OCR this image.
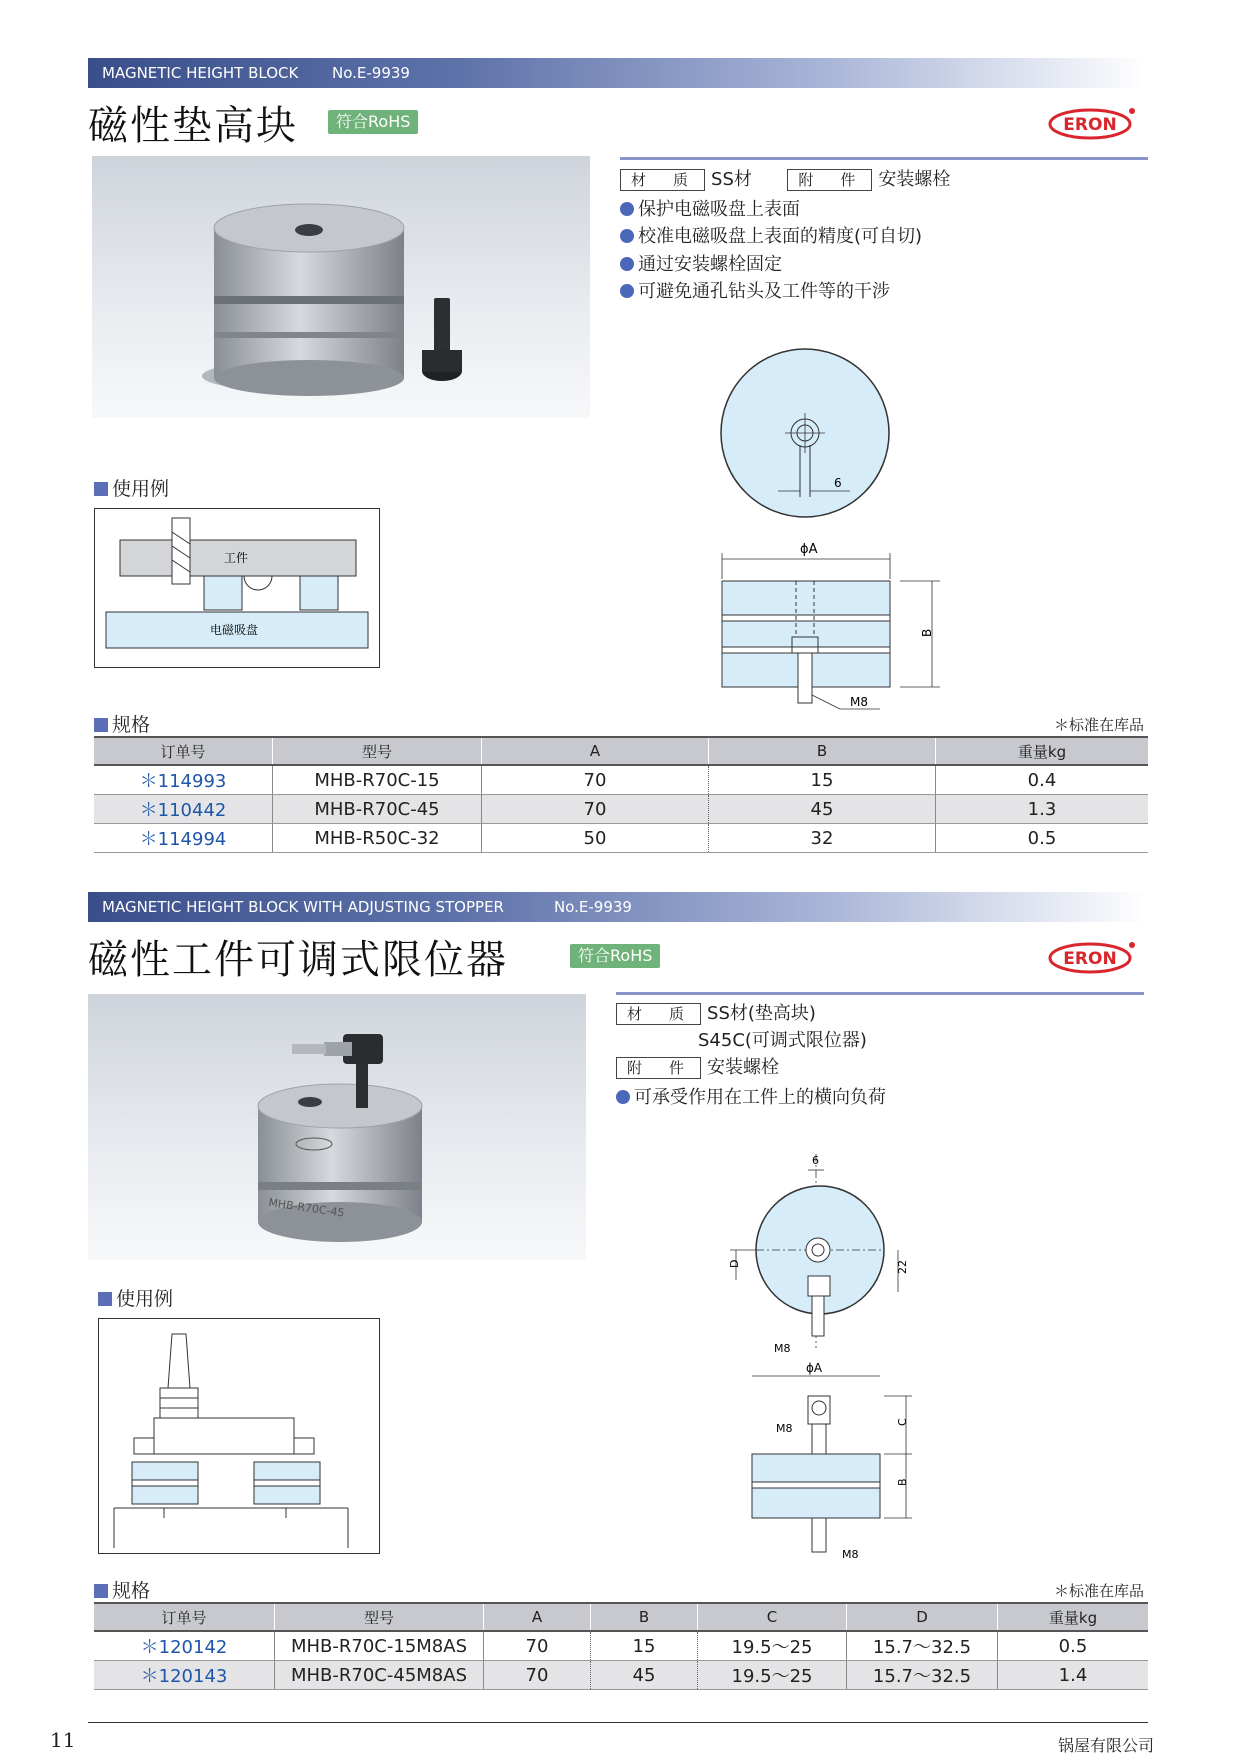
MAGNETIC HEIGHT BLOCK No.E-9939
磁性垫高块	符合RoHS	ERON
材　质 SS材	附　件 安装螺栓
保护电磁吸盘上表面
校准电磁吸盘上表面的精度(可自切)
通过安装螺栓固定
可避免通孔钻头及工件等的干涉
6
ϕA
B
M8
使用例
工件
电磁吸盘
规格	＊标准在库品
订单号	型号	A	B	重量kg
＊114993	MHB-R70C-15	70	15	0.4
＊110442	MHB-R70C-45	70	45	1.3
＊114994	MHB-R50C-32	50	32	0.5
MAGNETIC HEIGHT BLOCK WITH ADJUSTING STOPPER	No.E-9939
磁性工件可调式限位器	符合RoHS	ERON
MHB-R70C-45
材　质 SS材(垫高块)
S45C(可调式限位器)
附　件 安装螺栓
可承受作用在工件上的横向负荷
6
D	22
M8
ϕA
M8	C
B
M8
使用例
规格	＊标准在库品
订单号	型号	A	B	C	D	重量kg
＊120142	MHB-R70C-15M8AS	70	15	19.5～25	15.7～32.5	0.5
＊120143	MHB-R70C-45M8AS	70	45	19.5～25	15.7～32.5	1.4
11	锅屋有限公司
